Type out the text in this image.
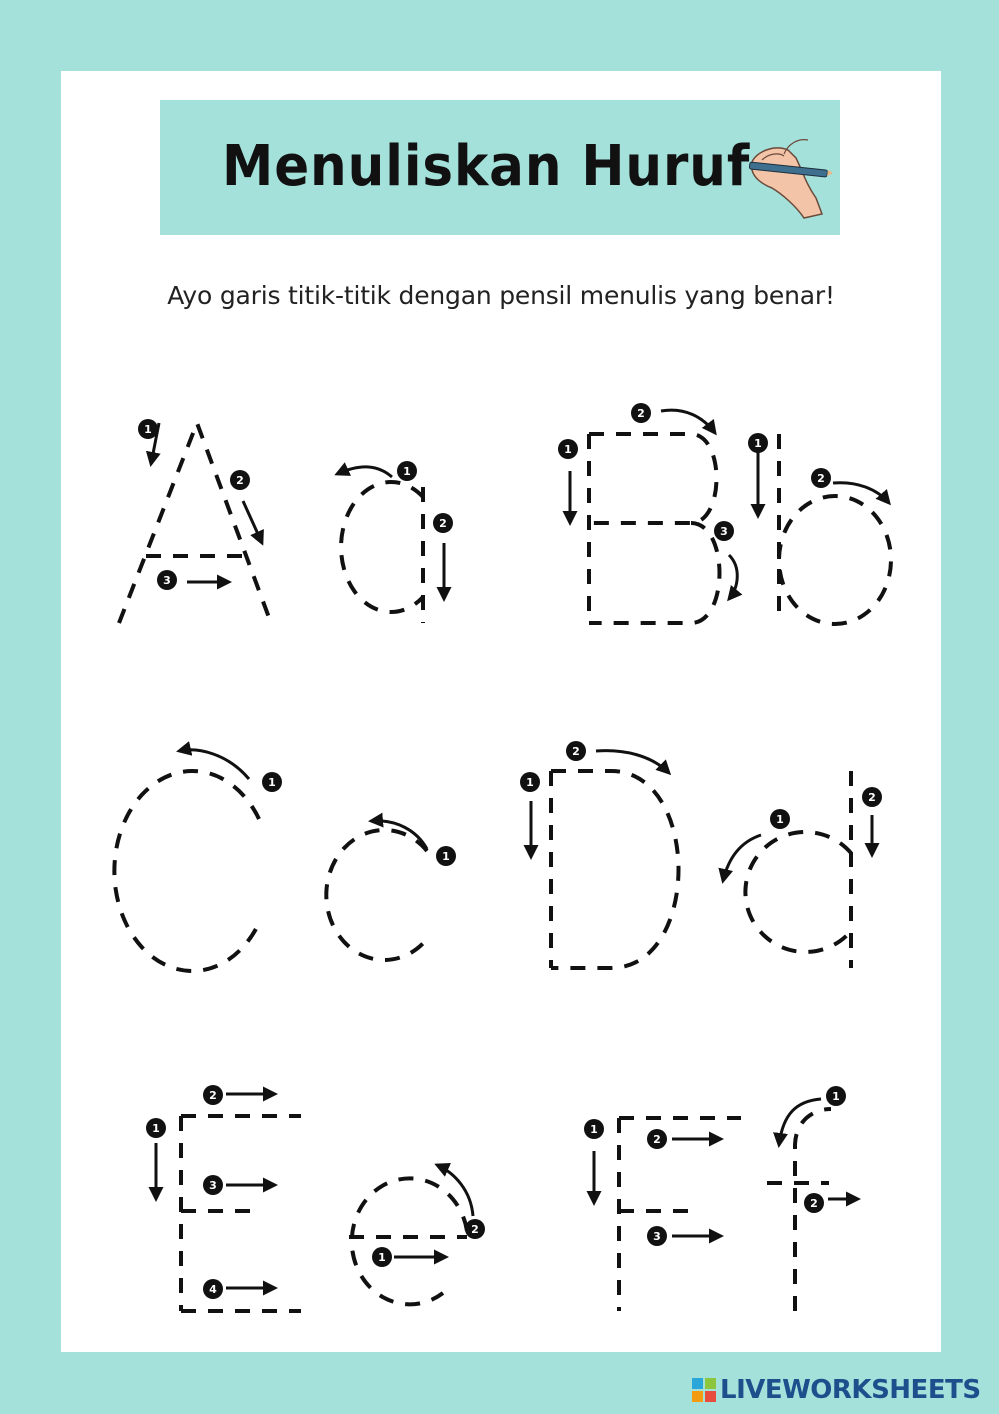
Menuliskan Huruf

Ayo garis titik-titik dengan pensil menulis yang benar!

1
2
3
1
2
1
2
3
1
2
1
1
1
2
1
2
1
2
3
4
1
2
1
2
3
1
2
LIVEWORKSHEETS
